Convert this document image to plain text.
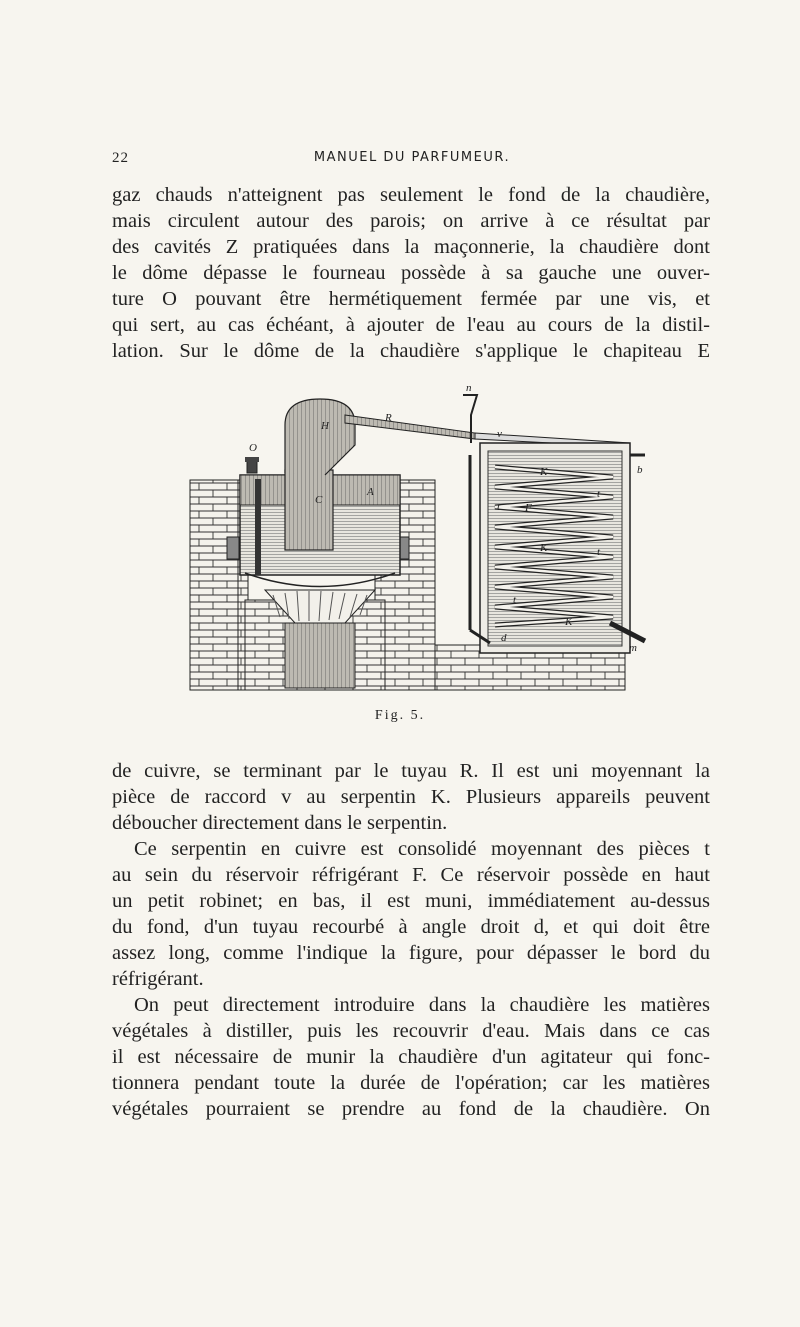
22	MANUEL DU PARFUMEUR.

gaz chauds n'atteignent pas seulement le fond de la chaudière,
mais circulent autour des parois; on arrive à ce résultat par
des cavités Z pratiquées dans la maçonnerie, la chaudière dont
le dôme dépasse le fourneau possède à sa gauche une ouver-
ture O pouvant être hermétiquement fermée par une vis, et
qui sert, au cas échéant, à ajouter de l'eau au cours de la distil-
lation. Sur le dôme de la chaudière s'applique le chapiteau E

O
H
n
R
v
b
C
A
K
K
K
t
t
t
t
F
d
m
Fig. 5.

de cuivre, se terminant par le tuyau R. Il est uni moyennant la
pièce de raccord v au serpentin K. Plusieurs appareils peuvent
déboucher directement dans le serpentin.

Ce serpentin en cuivre est consolidé moyennant des pièces t
au sein du réservoir réfrigérant F. Ce réservoir possède en haut
un petit robinet; en bas, il est muni, immédiatement au-dessus
du fond, d'un tuyau recourbé à angle droit d, et qui doit être
assez long, comme l'indique la figure, pour dépasser le bord du
réfrigérant.

On peut directement introduire dans la chaudière les matières
végétales à distiller, puis les recouvrir d'eau. Mais dans ce cas
il est nécessaire de munir la chaudière d'un agitateur qui fonc-
tionnera pendant toute la durée de l'opération; car les matières
végétales pourraient se prendre au fond de la chaudière. On
